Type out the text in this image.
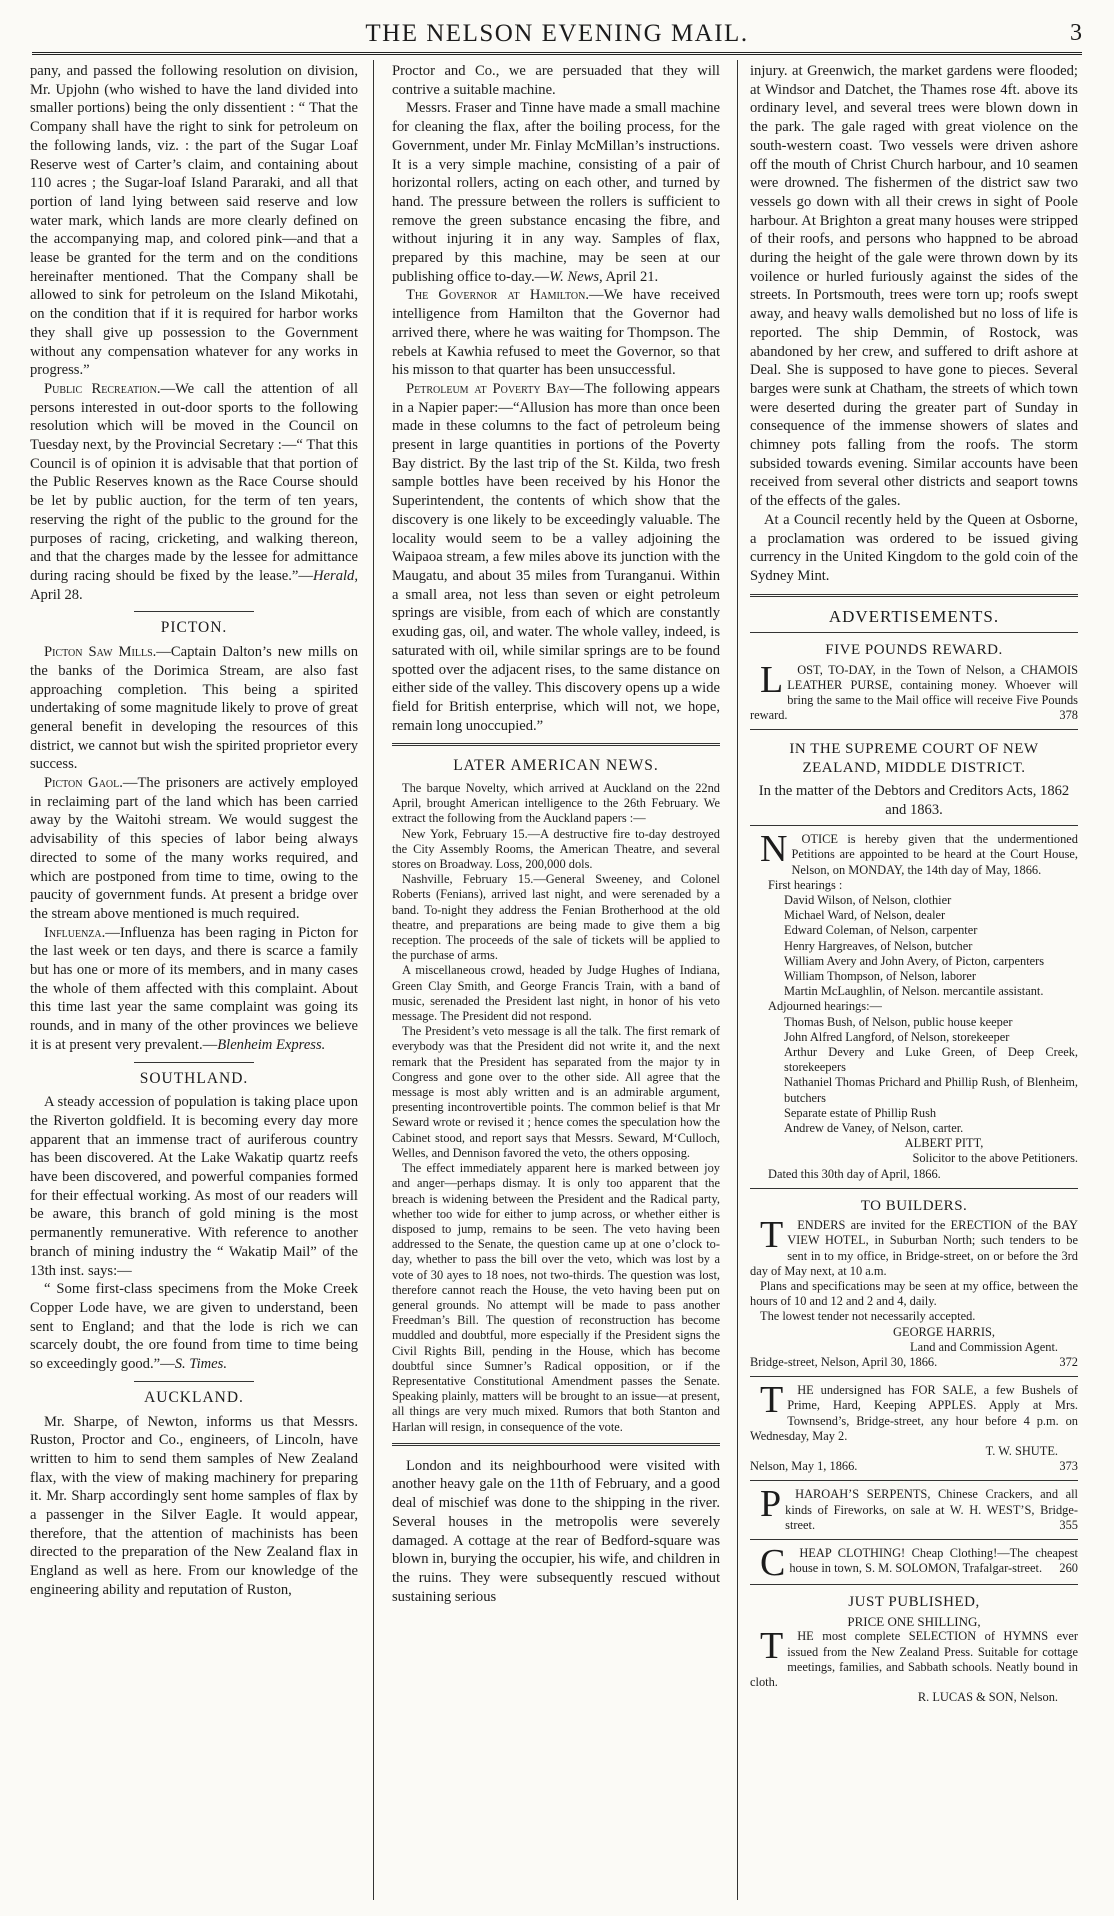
THE NELSON EVENING MAIL.	3

pany, and passed the following resolution on division, Mr. Upjohn (who wished to have the land divided into smaller portions) being the only dissentient : “ That the Company shall have the right to sink for petroleum on the following lands, viz. : the part of the Sugar Loaf Reserve west of Carter’s claim, and containing about 110 acres ; the Sugar-loaf Island Pararaki, and all that portion of land lying between said reserve and low water mark, which lands are more clearly defined on the accompanying map, and colored pink—and that a lease be granted for the term and on the conditions hereinafter mentioned. That the Company shall be allowed to sink for petroleum on the Island Mikotahi, on the condition that if it is required for harbor works they shall give up possession to the Government without any compensation whatever for any works in progress.”

Public Recreation.—We call the attention of all persons interested in out-door sports to the following resolution which will be moved in the Council on Tuesday next, by the Provincial Secretary :—“ That this Council is of opinion it is advisable that that portion of the Public Reserves known as the Race Course should be let by public auction, for the term of ten years, reserving the right of the public to the ground for the purposes of racing, cricketing, and walking thereon, and that the charges made by the lessee for admittance during racing should be fixed by the lease.”—Herald, April 28.

PICTON.

Picton Saw Mills.—Captain Dalton’s new mills on the banks of the Dorimica Stream, are also fast approaching completion. This being a spirited undertaking of some magnitude likely to prove of great general benefit in developing the resources of this district, we cannot but wish the spirited proprietor every success.

Picton Gaol.—The prisoners are actively employed in reclaiming part of the land which has been carried away by the Waitohi stream. We would suggest the advisability of this species of labor being always directed to some of the many works required, and which are postponed from time to time, owing to the paucity of government funds. At present a bridge over the stream above mentioned is much required.

Influenza.—Influenza has been raging in Picton for the last week or ten days, and there is scarce a family but has one or more of its members, and in many cases the whole of them affected with this complaint. About this time last year the same complaint was going its rounds, and in many of the other provinces we believe it is at present very prevalent.—Blenheim Express.

SOUTHLAND.

A steady accession of population is taking place upon the Riverton goldfield. It is becoming every day more apparent that an immense tract of auriferous country has been discovered. At the Lake Wakatip quartz reefs have been discovered, and powerful companies formed for their effectual working. As most of our readers will be aware, this branch of gold mining is the most permanently remunerative. With reference to another branch of mining industry the “ Wakatip Mail” of the 13th inst. says:—

“ Some first-class specimens from the Moke Creek Copper Lode have, we are given to understand, been sent to England; and that the lode is rich we can scarcely doubt, the ore found from time to time being so exceedingly good.”—S. Times.

AUCKLAND.

Mr. Sharpe, of Newton, informs us that Messrs. Ruston, Proctor and Co., engineers, of Lincoln, have written to him to send them samples of New Zealand flax, with the view of making machinery for preparing it. Mr. Sharp accordingly sent home samples of flax by a passenger in the Silver Eagle. It would appear, therefore, that the attention of machinists has been directed to the preparation of the New Zealand flax in England as well as here. From our knowledge of the engineering ability and reputation of Ruston,

Proctor and Co., we are persuaded that they will contrive a suitable machine.

Messrs. Fraser and Tinne have made a small machine for cleaning the flax, after the boiling process, for the Government, under Mr. Finlay McMillan’s instructions. It is a very simple machine, consisting of a pair of horizontal rollers, acting on each other, and turned by hand. The pressure between the rollers is sufficient to remove the green substance encasing the fibre, and without injuring it in any way. Samples of flax, prepared by this machine, may be seen at our publishing office to-day.—W. News, April 21.

The Governor at Hamilton.—We have received intelligence from Hamilton that the Governor had arrived there, where he was waiting for Thompson. The rebels at Kawhia refused to meet the Governor, so that his misson to that quarter has been unsuccessful.

Petroleum at Poverty Bay—The following appears in a Napier paper:—“Allusion has more than once been made in these columns to the fact of petroleum being present in large quantities in portions of the Poverty Bay district. By the last trip of the St. Kilda, two fresh sample bottles have been received by his Honor the Superintendent, the contents of which show that the discovery is one likely to be exceedingly valuable. The locality would seem to be a valley adjoining the Waipaoa stream, a few miles above its junction with the Maugatu, and about 35 miles from Turanganui. Within a small area, not less than seven or eight petroleum springs are visible, from each of which are constantly exuding gas, oil, and water. The whole valley, indeed, is saturated with oil, while similar springs are to be found spotted over the adjacent rises, to the same distance on either side of the valley. This discovery opens up a wide field for British enterprise, which will not, we hope, remain long unoccupied.”

LATER AMERICAN NEWS.

The barque Novelty, which arrived at Auckland on the 22nd April, brought American intelligence to the 26th February. We extract the following from the Auckland papers :—

New York, February 15.—A destructive fire to-day destroyed the City Assembly Rooms, the American Theatre, and several stores on Broadway. Loss, 200,000 dols.

Nashville, February 15.—General Sweeney, and Colonel Roberts (Fenians), arrived last night, and were serenaded by a band. To-night they address the Fenian Brotherhood at the old theatre, and preparations are being made to give them a big reception. The proceeds of the sale of tickets will be applied to the purchase of arms.

A miscellaneous crowd, headed by Judge Hughes of Indiana, Green Clay Smith, and George Francis Train, with a band of music, serenaded the President last night, in honor of his veto message. The President did not respond.

The President’s veto message is all the talk. The first remark of everybody was that the President did not write it, and the next remark that the President has separated from the major ty in Congress and gone over to the other side. All agree that the message is most ably written and is an admirable argument, presenting incontrovertible points. The common belief is that Mr Seward wrote or revised it ; hence comes the speculation how the Cabinet stood, and report says that Messrs. Seward, M‘Culloch, Welles, and Dennison favored the veto, the others opposing.

The effect immediately apparent here is marked between joy and anger—perhaps dismay. It is only too apparent that the breach is widening between the President and the Radical party, whether too wide for either to jump across, or whether either is disposed to jump, remains to be seen. The veto having been addressed to the Senate, the question came up at one o’clock to-day, whether to pass the bill over the veto, which was lost by a vote of 30 ayes to 18 noes, not two-thirds. The question was lost, therefore cannot reach the House, the veto having been put on general grounds. No attempt will be made to pass another Freedman’s Bill. The question of reconstruction has become muddled and doubtful, more especially if the President signs the Civil Rights Bill, pending in the House, which has become doubtful since Sumner’s Radical opposition, or if the Representative Constitutional Amendment passes the Senate. Speaking plainly, matters will be brought to an issue—at present, all things are very much mixed. Rumors that both Stanton and Harlan will resign, in consequence of the vote.

London and its neighbourhood were visited with another heavy gale on the 11th of February, and a good deal of mischief was done to the shipping in the river. Several houses in the metropolis were severely damaged. A cottage at the rear of Bedford-square was blown in, burying the occupier, his wife, and children in the ruins. They were subsequently rescued without sustaining serious

injury. at Greenwich, the market gardens were flooded; at Windsor and Datchet, the Thames rose 4ft. above its ordinary level, and several trees were blown down in the park. The gale raged with great violence on the south-western coast. Two vessels were driven ashore off the mouth of Christ Church harbour, and 10 seamen were drowned. The fishermen of the district saw two vessels go down with all their crews in sight of Poole harbour. At Brighton a great many houses were stripped of their roofs, and persons who happned to be abroad during the height of the gale were thrown down by its voilence or hurled furiously against the sides of the streets. In Portsmouth, trees were torn up; roofs swept away, and heavy walls demolished but no loss of life is reported. The ship Demmin, of Rostock, was abandoned by her crew, and suffered to drift ashore at Deal. She is supposed to have gone to pieces. Several barges were sunk at Chatham, the streets of which town were deserted during the greater part of Sunday in consequence of the immense showers of slates and chimney pots falling from the roofs. The storm subsided towards evening. Similar accounts have been received from several other districts and seaport towns of the effects of the gales.

At a Council recently held by the Queen at Osborne, a proclamation was ordered to be issued giving currency in the United Kingdom to the gold coin of the Sydney Mint.

ADVERTISEMENTS.
FIVE POUNDS REWARD.

L OST, TO-DAY, in the Town of Nelson, a CHAMOIS LEATHER PURSE, containing money. Whoever will bring the same to the Mail office will receive Five Pounds reward.	378

IN THE SUPREME COURT OF NEW ZEALAND, MIDDLE DISTRICT.

In the matter of the Debtors and Creditors Acts, 1862 and 1863.

N OTICE is hereby given that the undermentioned Petitions are appointed to be heard at the Court House, Nelson, on MONDAY, the 14th day of May, 1866.

First hearings :
David Wilson, of Nelson, clothier
Michael Ward, of Nelson, dealer
Edward Coleman, of Nelson, carpenter
Henry Hargreaves, of Nelson, butcher
William Avery and John Avery, of Picton, carpenters
William Thompson, of Nelson, laborer
Martin McLaughlin, of Nelson. mercantile assistant.
Adjourned hearings:—
Thomas Bush, of Nelson, public house keeper
John Alfred Langford, of Nelson, storekeeper
Arthur Devery and Luke Green, of Deep Creek, storekeepers
Nathaniel Thomas Prichard and Phillip Rush, of Blenheim, butchers
Separate estate of Phillip Rush
Andrew de Vaney, of Nelson, carter.
ALBERT PITT,
Solicitor to the above Petitioners.
Dated this 30th day of April, 1866.
TO BUILDERS.

T ENDERS are invited for the ERECTION of the BAY VIEW HOTEL, in Suburban North; such tenders to be sent in to my office, in Bridge-street, on or before the 3rd day of May next, at 10 a.m.

Plans and specifications may be seen at my office, between the hours of 10 and 12 and 2 and 4, daily.

The lowest tender not necessarily accepted.

GEORGE HARRIS,
Land and Commission Agent.
Bridge-street, Nelson, April 30, 1866.	372

T HE undersigned has FOR SALE, a few Bushels of Prime, Hard, Keeping APPLES. Apply at Mrs. Townsend’s, Bridge-street, any hour before 4 p.m. on Wednesday, May 2.

T. W. SHUTE.
Nelson, May 1, 1866.	373

P HAROAH’S SERPENTS, Chinese Crackers, and all kinds of Fireworks, on sale at W. H. WEST’S, Bridge-street.	355

C HEAP CLOTHING! Cheap Clothing!—The cheapest house in town, S. M. SOLOMON, Trafalgar-street.	260

JUST PUBLISHED,
PRICE ONE SHILLING,

T HE most complete SELECTION of HYMNS ever issued from the New Zealand Press. Suitable for cottage meetings, families, and Sabbath schools. Neatly bound in cloth.

R. LUCAS & SON, Nelson.
